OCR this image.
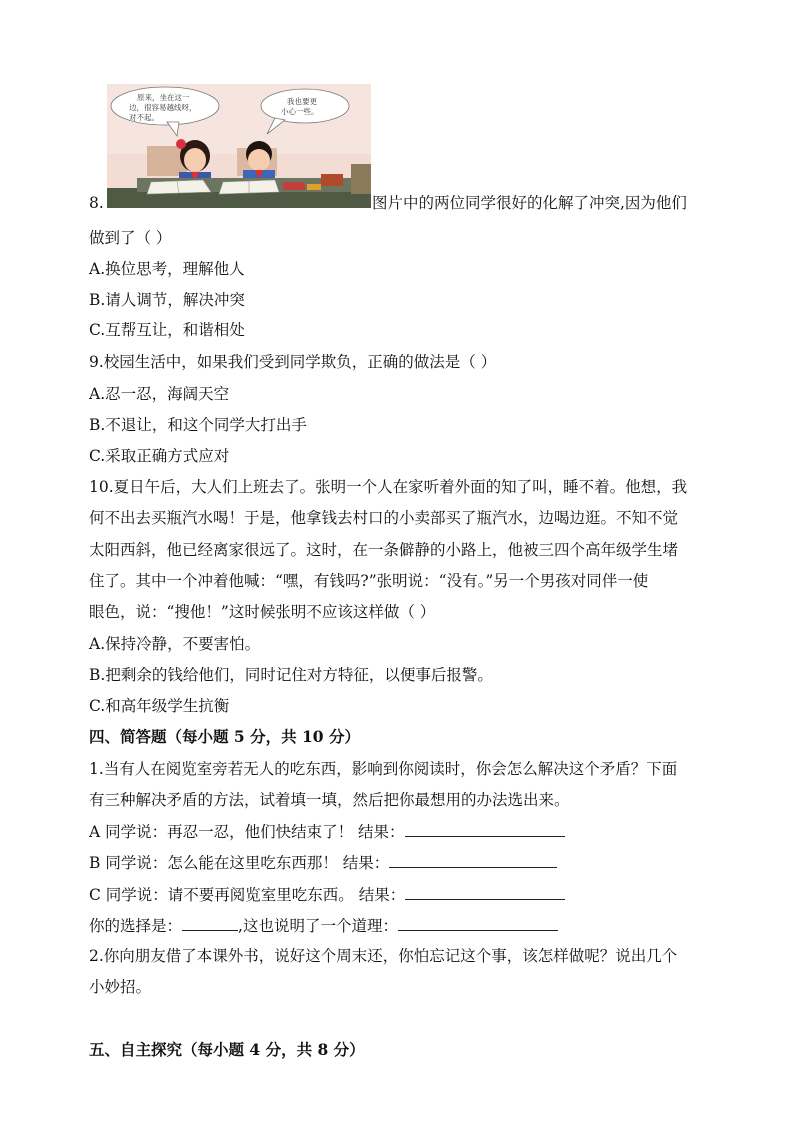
原来，坐在这一 边，很容易越线呀， 对不起。
我也要更 小心一些。
8.	图片中的两位同学很好的化解了冲突,因为他们
做到了（ ）
A.换位思考，理解他人
B.请人调节，解决冲突
C.互帮互让，和谐相处
9.校园生活中，如果我们受到同学欺负，正确的做法是（ ）
A.忍一忍，海阔天空
B.不退让，和这个同学大打出手
C.采取正确方式应对
10.夏日午后，大人们上班去了。张明一个人在家听着外面的知了叫，睡不着。他想，我
何不出去买瓶汽水喝！于是，他拿钱去村口的小卖部买了瓶汽水，边喝边逛。不知不觉
太阳西斜，他已经离家很远了。这时，在一条僻静的小路上，他被三四个高年级学生堵
住了。其中一个冲着他喊：“嘿，有钱吗?”张明说：“没有。”另一个男孩对同伴一使
眼色，说：“搜他！”这时候张明不应该这样做（ ）
A.保持冷静，不要害怕。
B.把剩余的钱给他们，同时记住对方特征，以便事后报警。
C.和高年级学生抗衡
四、简答题（每小题 5 分，共 10 分）
1.当有人在阅览室旁若无人的吃东西，影响到你阅读时，你会怎么解决这个矛盾？下面
有三种解决矛盾的方法，试着填一填，然后把你最想用的办法选出来。
A 同学说：再忍一忍，他们快结束了！ 结果：
B 同学说：怎么能在这里吃东西那！ 结果：
C 同学说：请不要再阅览室里吃东西。 结果：
你的选择是：	,这也说明了一个道理：
2.你向朋友借了本课外书，说好这个周末还，你怕忘记这个事，该怎样做呢？说出几个
小妙招。
五、自主探究（每小题 4 分，共 8 分）
